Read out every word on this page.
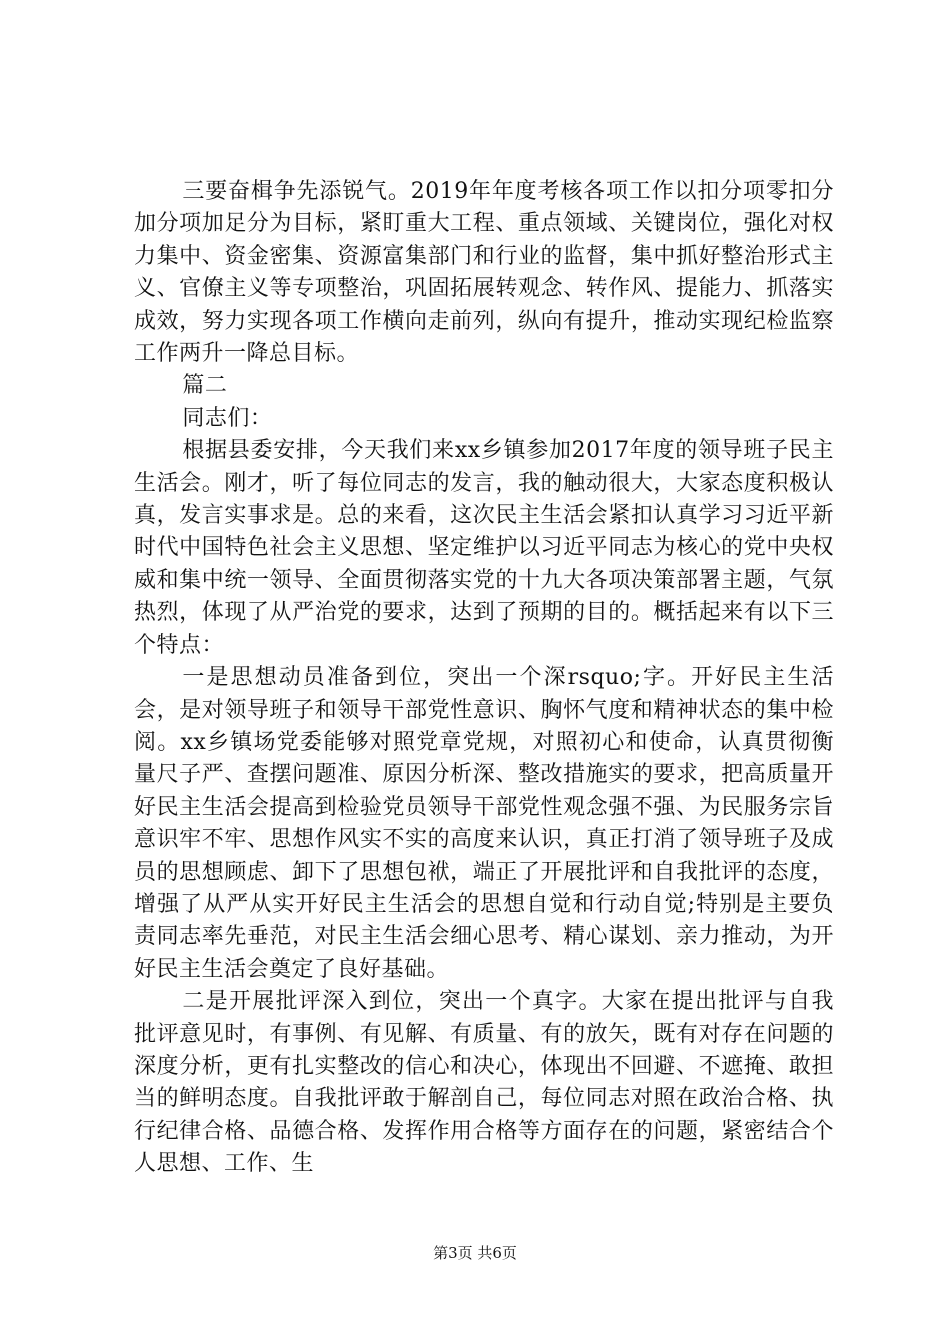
三要奋楫争先添锐气。2019年年度考核各项工作以扣分项零扣分加分项加足分为目标，紧盯重大工程、重点领域、关键岗位，强化对权力集中、资金密集、资源富集部门和行业的监督，集中抓好整治形式主义、官僚主义等专项整治，巩固拓展转观念、转作风、提能力、抓落实成效，努力实现各项工作横向走前列，纵向有提升，推动实现纪检监察工作两升一降总目标。

篇二

同志们：

根据县委安排，今天我们来xx乡镇参加2017年度的领导班子民主生活会。刚才，听了每位同志的发言，我的触动很大，大家态度积极认真，发言实事求是。总的来看，这次民主生活会紧扣认真学习习近平新时代中国特色社会主义思想、坚定维护以习近平同志为核心的党中央权威和集中统一领导、全面贯彻落实党的十九大各项决策部署主题，气氛热烈，体现了从严治党的要求，达到了预期的目的。概括起来有以下三个特点：

一是思想动员准备到位，突出一个深rsquo;字。开好民主生活会，是对领导班子和领导干部党性意识、胸怀气度和精神状态的集中检阅。xx乡镇场党委能够对照党章党规，对照初心和使命，认真贯彻衡量尺子严、查摆问题准、原因分析深、整改措施实的要求，把高质量开好民主生活会提高到检验党员领导干部党性观念强不强、为民服务宗旨意识牢不牢、思想作风实不实的高度来认识，真正打消了领导班子及成员的思想顾虑、卸下了思想包袱，端正了开展批评和自我批评的态度，增强了从严从实开好民主生活会的思想自觉和行动自觉;特别是主要负责同志率先垂范，对民主生活会细心思考、精心谋划、亲力推动，为开好民主生活会奠定了良好基础。

二是开展批评深入到位，突出一个真字。大家在提出批评与自我批评意见时，有事例、有见解、有质量、有的放矢，既有对存在问题的深度分析，更有扎实整改的信心和决心，体现出不回避、不遮掩、敢担当的鲜明态度。自我批评敢于解剖自己，每位同志对照在政治合格、执行纪律合格、品德合格、发挥作用合格等方面存在的问题，紧密结合个人思想、工作、生

第3页 共6页
